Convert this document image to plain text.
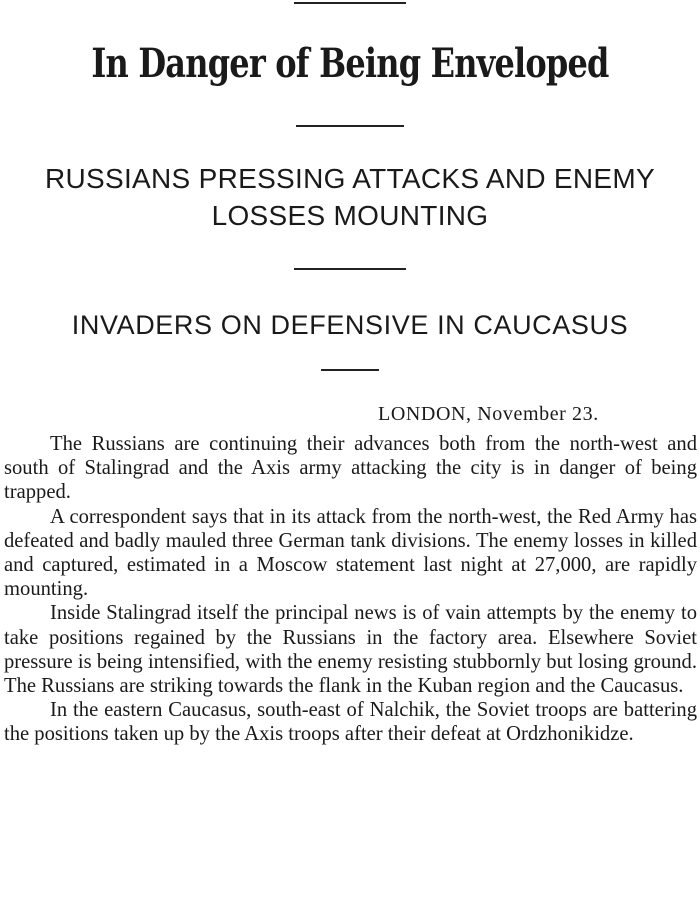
In Danger of Being Enveloped
RUSSIANS PRESSING ATTACKS AND ENEMY LOSSES MOUNTING
INVADERS ON DEFENSIVE IN CAUCASUS
LONDON, November 23.

The Russians are continuing their advances both from the north-west and south of Stalingrad and the Axis army attacking the city is in danger of being trapped.

A correspondent says that in its attack from the north-west, the Red Army has defeated and badly mauled three German tank divisions. The enemy losses in killed and captured, estimated in a Moscow statement last night at 27,000, are rapidly mounting.

Inside Stalingrad itself the principal news is of vain attempts by the enemy to take positions regained by the Russians in the factory area. Elsewhere Soviet pressure is being intensified, with the enemy resisting stubbornly but losing ground. The Russians are striking towards the flank in the Kuban region and the Caucasus.

In the eastern Caucasus, south-east of Nalchik, the Soviet troops are battering the positions taken up by the Axis troops after their defeat at Ordzhonikidze.
